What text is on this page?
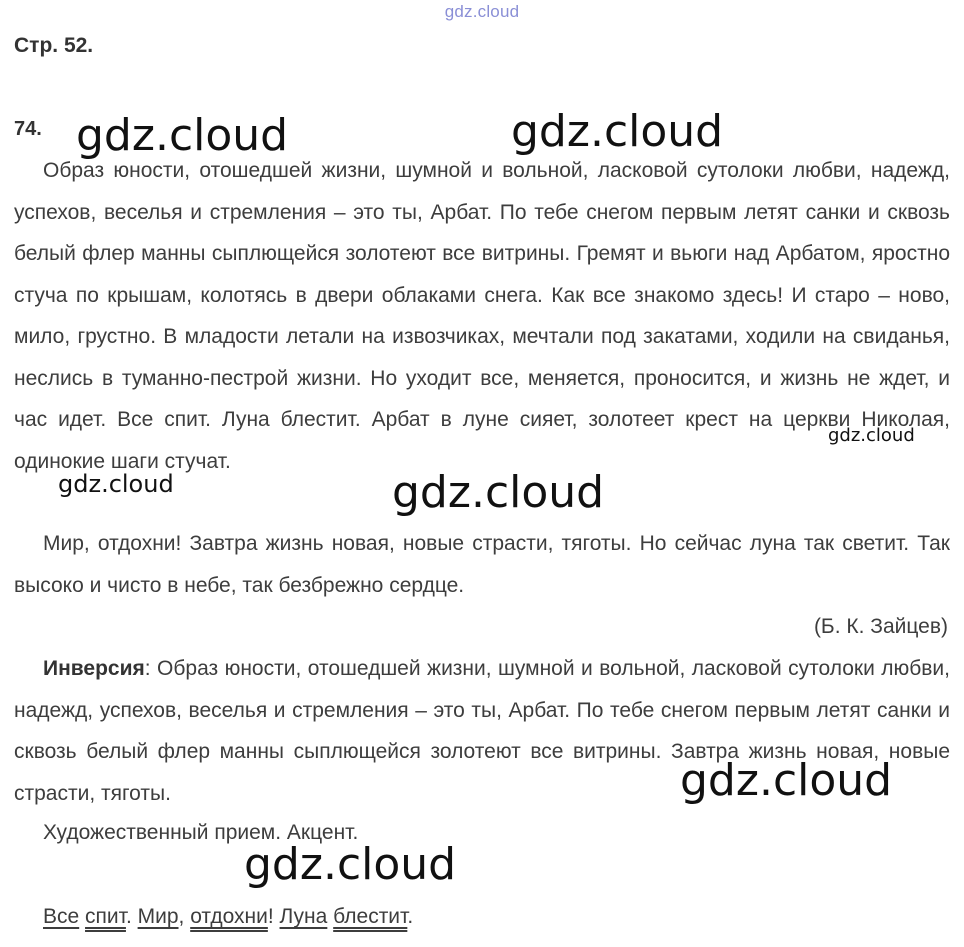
gdz.cloud
Стр. 52.
74.

Образ юности, отошедшей жизни, шумной и вольной, ласковой сутолоки любви, надежд, успехов, веселья и стремления – это ты, Арбат. По тебе снегом первым летят санки и сквозь белый флер манны сыплющейся золотеют все витрины. Гремят и вьюги над Арбатом, яростно стуча по крышам, колотясь в двери облаками снега. Как все знакомо здесь! И старо – ново, мило, грустно. В младости летали на извозчиках, мечтали под закатами, ходили на свиданья, неслись в туманно-пестрой жизни. Но уходит все, меняется, проносится, и жизнь не ждет, и час идет. Все спит. Луна блестит. Арбат в луне сияет, золотеет крест на церкви Николая, одинокие шаги стучат.

Мир, отдохни! Завтра жизнь новая, новые страсти, тяготы. Но сейчас луна так светит. Так высоко и чисто в небе, так безбрежно сердце.

(Б. К. Зайцев)

Инверсия: Образ юности, отошедшей жизни, шумной и вольной, ласковой сутолоки любви, надежд, успехов, веселья и стремления – это ты, Арбат. По тебе снегом первым летят санки и сквозь белый флер манны сыплющейся золотеют все витрины. Завтра жизнь новая, новые страсти, тяготы.

Художественный прием. Акцент.
Все спит. Мир, отдохни! Луна блестит.
gdz.cloud	gdz.cloud
gdz.cloud
gdz.cloud	gdz.cloud
gdz.cloud
gdz.cloud
